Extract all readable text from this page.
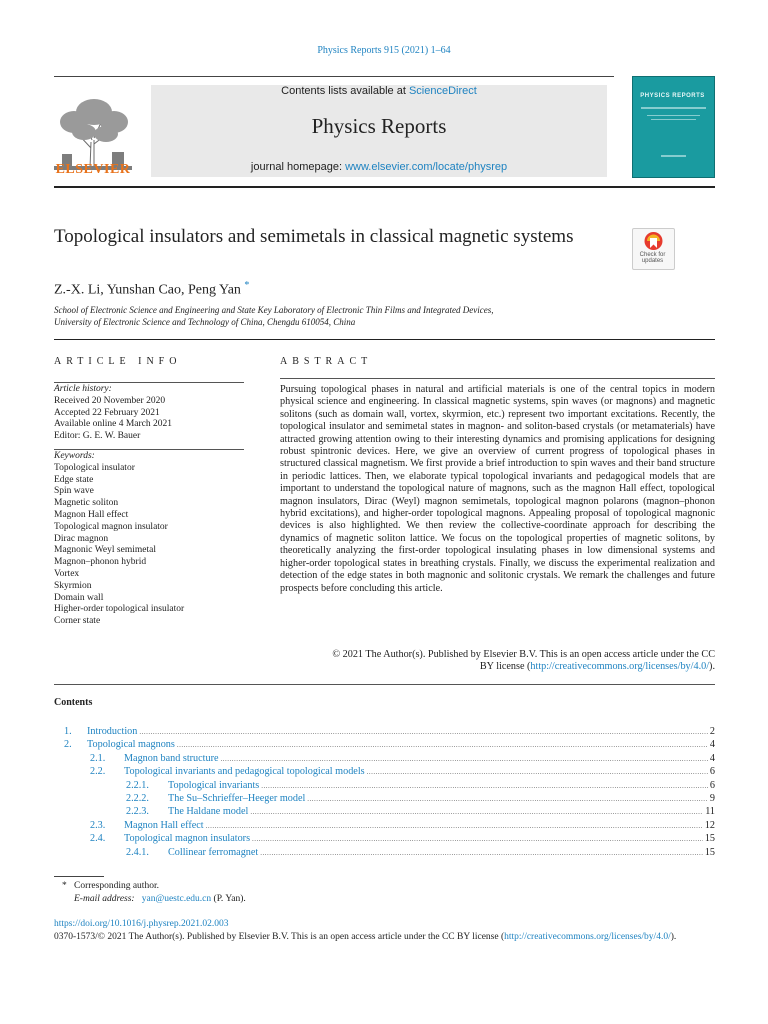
Physics Reports 915 (2021) 1–64
ELSEVIER
Contents lists available at ScienceDirect
Physics Reports
journal homepage: www.elsevier.com/locate/physrep
PHYSICS REPORTS
Topological insulators and semimetals in classical magnetic systems
Check for updates
Z.-X. Li, Yunshan Cao, Peng Yan *
School of Electronic Science and Engineering and State Key Laboratory of Electronic Thin Films and Integrated Devices,
University of Electronic Science and Technology of China, Chengdu 610054, China
ARTICLE INFO
Article history:
Received 20 November 2020
Accepted 22 February 2021
Available online 4 March 2021
Editor: G. E. W. Bauer
Keywords:
Topological insulator
Edge state
Spin wave
Magnetic soliton
Magnon Hall effect
Topological magnon insulator
Dirac magnon
Magnonic Weyl semimetal
Magnon–phonon hybrid
Vortex
Skyrmion
Domain wall
Higher-order topological insulator
Corner state
ABSTRACT
Pursuing topological phases in natural and artificial materials is one of the central topics in modern physical science and engineering. In classical magnetic systems, spin waves (or magnons) and magnetic solitons (such as domain wall, vortex, skyrmion, etc.) represent two important excitations. Recently, the topological insulator and semimetal states in magnon- and soliton-based crystals (or metamaterials) have attracted growing attention owing to their interesting dynamics and promising applications for designing robust spintronic devices. Here, we give an overview of current progress of topological phases in structured classical magnetism. We first provide a brief introduction to spin waves and their band structure in periodic lattices. Then, we elaborate typical topological invariants and pedagogical models that are important to understand the topological nature of magnons, such as the magnon Hall effect, topological magnon insulators, Dirac (Weyl) magnon semimetals, topological magnon polarons (magnon–phonon hybrid excitations), and higher-order topological magnons. Appealing proposal of topological magnonic devices is also highlighted. We then review the collective-coordinate approach for describing the dynamics of magnetic soliton lattice. We focus on the topological properties of magnetic solitons, by theoretically analyzing the first-order topological insulating phases in low dimensional systems and higher-order topological states in breathing crystals. Finally, we discuss the experimental realization and detection of the edge states in both magnonic and solitonic crystals. We remark the challenges and future prospects before concluding this article.
© 2021 The Author(s). Published by Elsevier B.V. This is an open access article under the CC
BY license (http://creativecommons.org/licenses/by/4.0/).
Contents
1.	Introduction .....	2
2.	Topological magnons .....	4
2.1.	Magnon band structure .....	4
2.2.	Topological invariants and pedagogical topological models .....	6
2.2.1.	Topological invariants .....	6
2.2.2.	The Su–Schrieffer–Heeger model .....	9
2.2.3.	The Haldane model .....	11
2.3.	Magnon Hall effect .....	12
2.4.	Topological magnon insulators .....	15
2.4.1.	Collinear ferromagnet .....	15
* Corresponding author.
E-mail address: yan@uestc.edu.cn (P. Yan).
https://doi.org/10.1016/j.physrep.2021.02.003
0370-1573/© 2021 The Author(s). Published by Elsevier B.V. This is an open access article under the CC BY license (http://creativecommons.org/licenses/by/4.0/).
